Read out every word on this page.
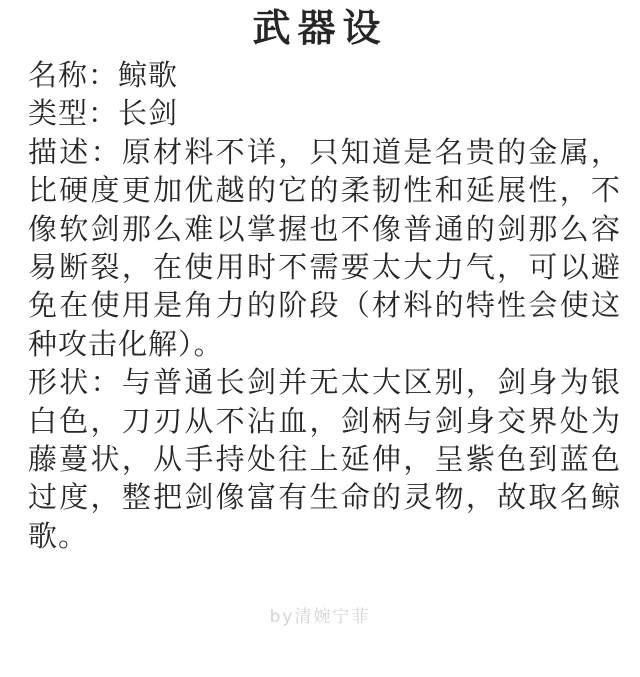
武器设
名称：鲸歌
类型：长剑
描述：原材料不详，只知道是名贵的金属，
比硬度更加优越的它的柔韧性和延展性，不
像软剑那么难以掌握也不像普通的剑那么容
易断裂，在使用时不需要太大力气，可以避
免在使用是角力的阶段（材料的特性会使这
种攻击化解）。
形状：与普通长剑并无太大区别，剑身为银
白色，刀刃从不沾血，剑柄与剑身交界处为
藤蔓状，从手持处往上延伸，呈紫色到蓝色
过度，整把剑像富有生命的灵物，故取名鲸
歌。
by清婉宁菲
